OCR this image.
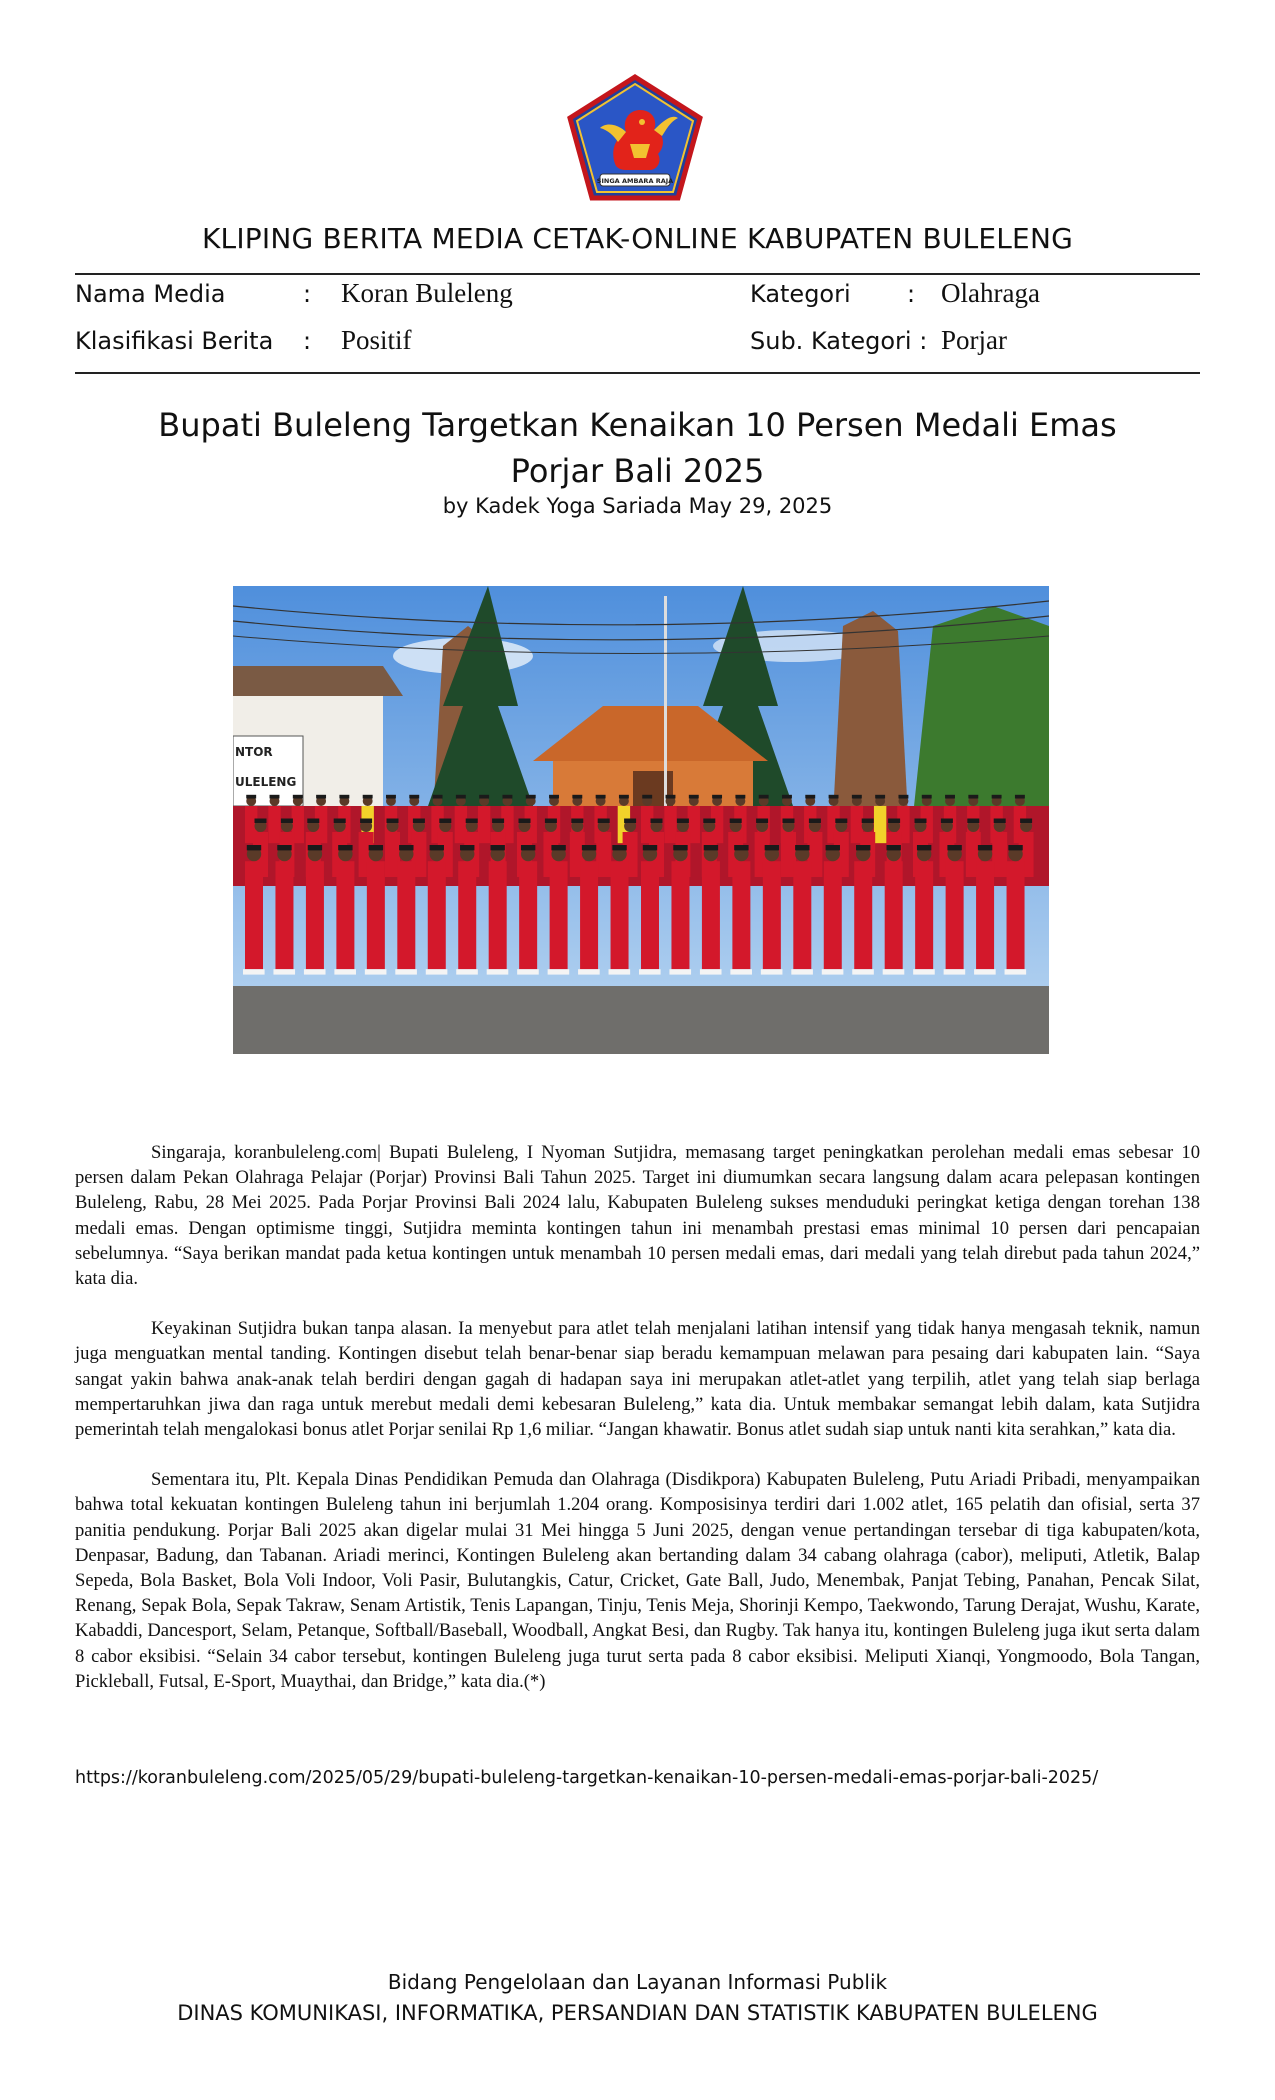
SINGA AMBARA RAJA
KLIPING BERITA MEDIA CETAK-ONLINE KABUPATEN BULELENG
Nama Media	: Koran Buleleng	Kategori : Olahraga
Klasifikasi Berita : Positif	Sub. Kategori : Porjar
Bupati Buleleng Targetkan Kenaikan 10 Persen Medali Emas
Porjar Bali 2025
by Kadek Yoga Sariada May 29, 2025
NTOR
ULELENG

Singaraja, koranbuleleng.com| Bupati Buleleng, I Nyoman Sutjidra, memasang target peningkatkan perolehan medali emas sebesar 10 persen dalam Pekan Olahraga Pelajar (Porjar) Provinsi Bali Tahun 2025. Target ini diumumkan secara langsung dalam acara pelepasan kontingen Buleleng, Rabu, 28 Mei 2025. Pada Porjar Provinsi Bali 2024 lalu, Kabupaten Buleleng sukses menduduki peringkat ketiga dengan torehan 138 medali emas. Dengan optimisme tinggi, Sutjidra meminta kontingen tahun ini menambah prestasi emas minimal 10 persen dari pencapaian sebelumnya. “Saya berikan mandat pada ketua kontingen untuk menambah 10 persen medali emas, dari medali yang telah direbut pada tahun 2024,” kata dia.

Keyakinan Sutjidra bukan tanpa alasan. Ia menyebut para atlet telah menjalani latihan intensif yang tidak hanya mengasah teknik, namun juga menguatkan mental tanding. Kontingen disebut telah benar-benar siap beradu kemampuan melawan para pesaing dari kabupaten lain. “Saya sangat yakin bahwa anak-anak telah berdiri dengan gagah di hadapan saya ini merupakan atlet-atlet yang terpilih, atlet yang telah siap berlaga mempertaruhkan jiwa dan raga untuk merebut medali demi kebesaran Buleleng,” kata dia. Untuk membakar semangat lebih dalam, kata Sutjidra pemerintah telah mengalokasi bonus atlet Porjar senilai Rp 1,6 miliar. “Jangan khawatir. Bonus atlet sudah siap untuk nanti kita serahkan,” kata dia.

Sementara itu, Plt. Kepala Dinas Pendidikan Pemuda dan Olahraga (Disdikpora) Kabupaten Buleleng, Putu Ariadi Pribadi, menyampaikan bahwa total kekuatan kontingen Buleleng tahun ini berjumlah 1.204 orang. Komposisinya terdiri dari 1.002 atlet, 165 pelatih dan ofisial, serta 37 panitia pendukung. Porjar Bali 2025 akan digelar mulai 31 Mei hingga 5 Juni 2025, dengan venue pertandingan tersebar di tiga kabupaten/kota, Denpasar, Badung, dan Tabanan. Ariadi merinci, Kontingen Buleleng akan bertanding dalam 34 cabang olahraga (cabor), meliputi, Atletik, Balap Sepeda, Bola Basket, Bola Voli Indoor, Voli Pasir, Bulutangkis, Catur, Cricket, Gate Ball, Judo, Menembak, Panjat Tebing, Panahan, Pencak Silat, Renang, Sepak Bola, Sepak Takraw, Senam Artistik, Tenis Lapangan, Tinju, Tenis Meja, Shorinji Kempo, Taekwondo, Tarung Derajat, Wushu, Karate, Kabaddi, Dancesport, Selam, Petanque, Softball/Baseball, Woodball, Angkat Besi, dan Rugby. Tak hanya itu, kontingen Buleleng juga ikut serta dalam 8 cabor eksibisi. “Selain 34 cabor tersebut, kontingen Buleleng juga turut serta pada 8 cabor eksibisi. Meliputi Xianqi, Yongmoodo, Bola Tangan, Pickleball, Futsal, E-Sport, Muaythai, dan Bridge,” kata dia.(*)

https://koranbuleleng.com/2025/05/29/bupati-buleleng-targetkan-kenaikan-10-persen-medali-emas-porjar-bali-2025/
Bidang Pengelolaan dan Layanan Informasi Publik
DINAS KOMUNIKASI, INFORMATIKA, PERSANDIAN DAN STATISTIK KABUPATEN BULELENG
